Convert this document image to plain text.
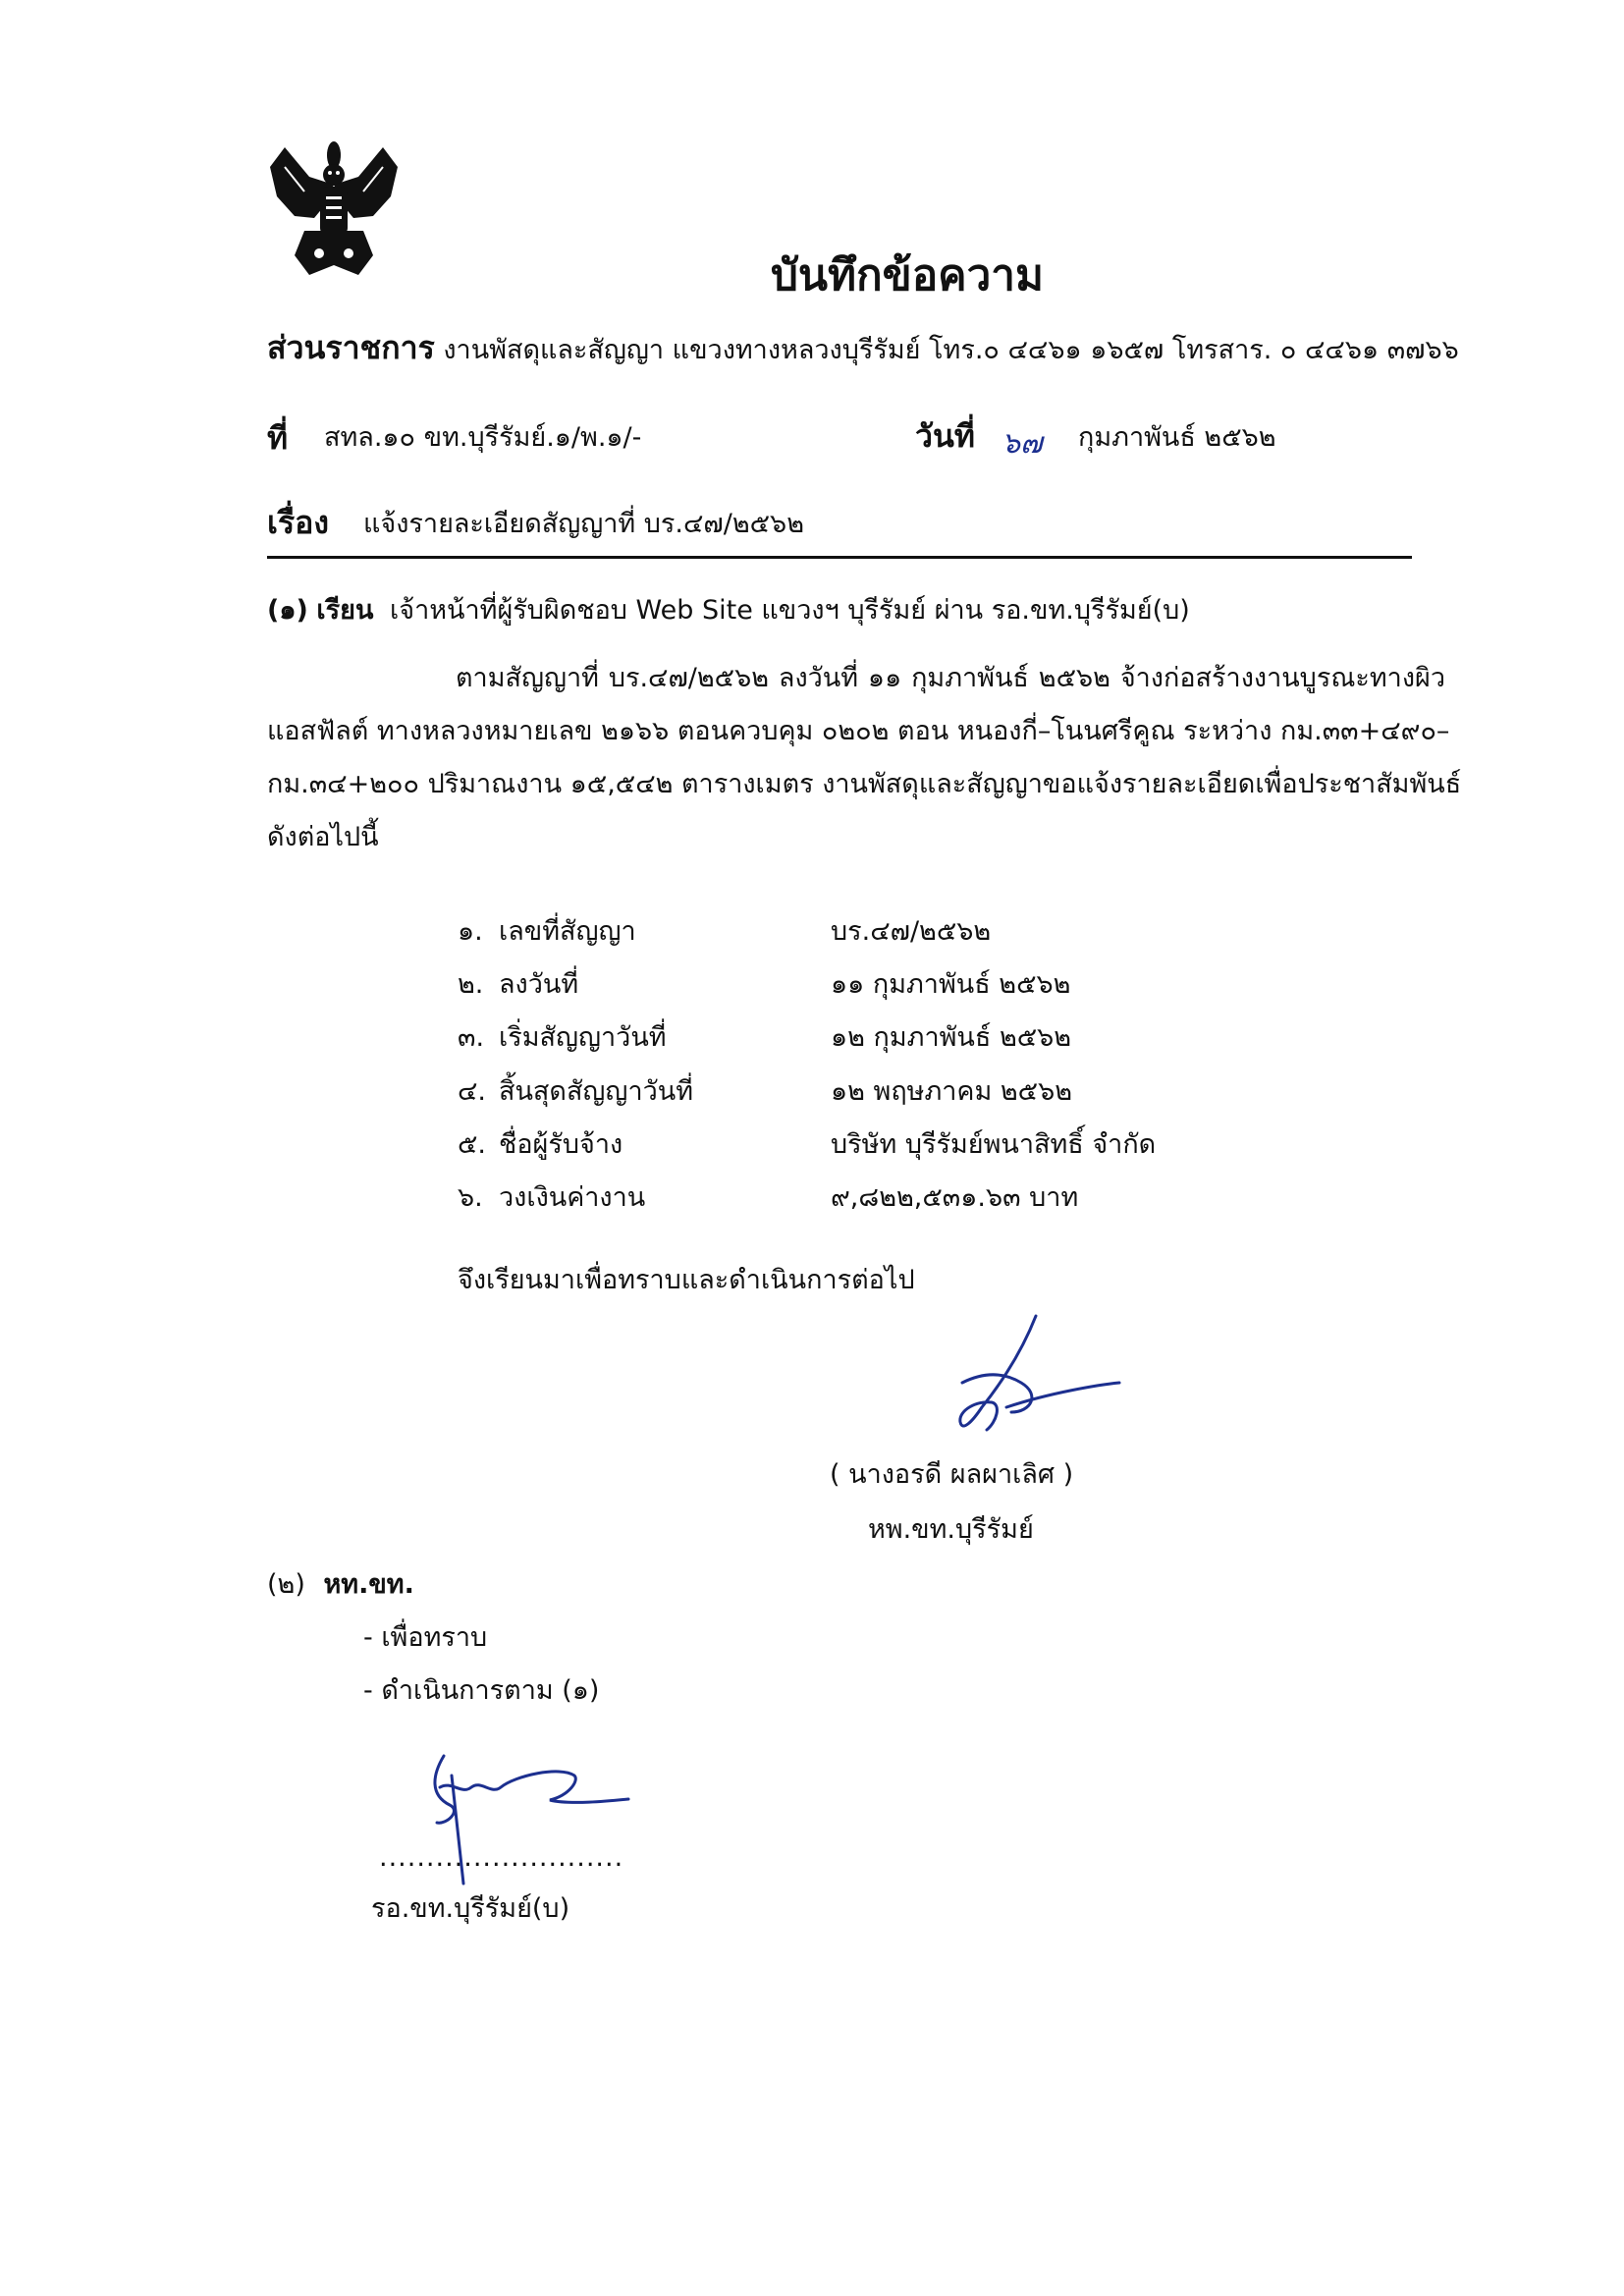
บันทึกข้อความ
ส่วนราชการ งานพัสดุและสัญญา แขวงทางหลวงบุรีรัมย์ โทร.๐ ๔๔๖๑ ๑๖๕๗ โทรสาร. ๐ ๔๔๖๑ ๓๗๖๖
ที่ สทล.๑๐ ขท.บุรีรัมย์.๑/พ.๑/-	วันที่ ๖๗ กุมภาพันธ์ ๒๕๖๒
เรื่อง แจ้งรายละเอียดสัญญาที่ บร.๔๗/๒๕๖๒
(๑) เรียน เจ้าหน้าที่ผู้รับผิดชอบ Web Site แขวงฯ บุรีรัมย์ ผ่าน รอ.ขท.บุรีรัมย์(บ)
ตามสัญญาที่ บร.๔๗/๒๕๖๒ ลงวันที่ ๑๑ กุมภาพันธ์ ๒๕๖๒ จ้างก่อสร้างงานบูรณะทางผิว
แอสฟัลต์ ทางหลวงหมายเลข ๒๑๖๖ ตอนควบคุม ๐๒๐๒ ตอน หนองกี่–โนนศรีคูณ ระหว่าง กม.๓๓+๔๙๐–
กม.๓๔+๒๐๐ ปริมาณงาน ๑๕,๕๔๒ ตารางเมตร งานพัสดุและสัญญาขอแจ้งรายละเอียดเพื่อประชาสัมพันธ์
ดังต่อไปนี้
๑. เลขที่สัญญา	บร.๔๗/๒๕๖๒
๒. ลงวันที่	๑๑ กุมภาพันธ์ ๒๕๖๒
๓. เริ่มสัญญาวันที่	๑๒ กุมภาพันธ์ ๒๕๖๒
๔. สิ้นสุดสัญญาวันที่	๑๒ พฤษภาคม ๒๕๖๒
๕. ชื่อผู้รับจ้าง	บริษัท บุรีรัมย์พนาสิทธิ์ จำกัด
๖. วงเงินค่างาน	๙,๘๒๒,๕๓๑.๖๓ บาท
จึงเรียนมาเพื่อทราบและดำเนินการต่อไป
( นางอรดี ผลผาเลิศ )
หพ.ขท.บุรีรัมย์
(๒) หท.ขท.
- เพื่อทราบ
- ดำเนินการตาม (๑)
..........................
รอ.ขท.บุรีรัมย์(บ)
